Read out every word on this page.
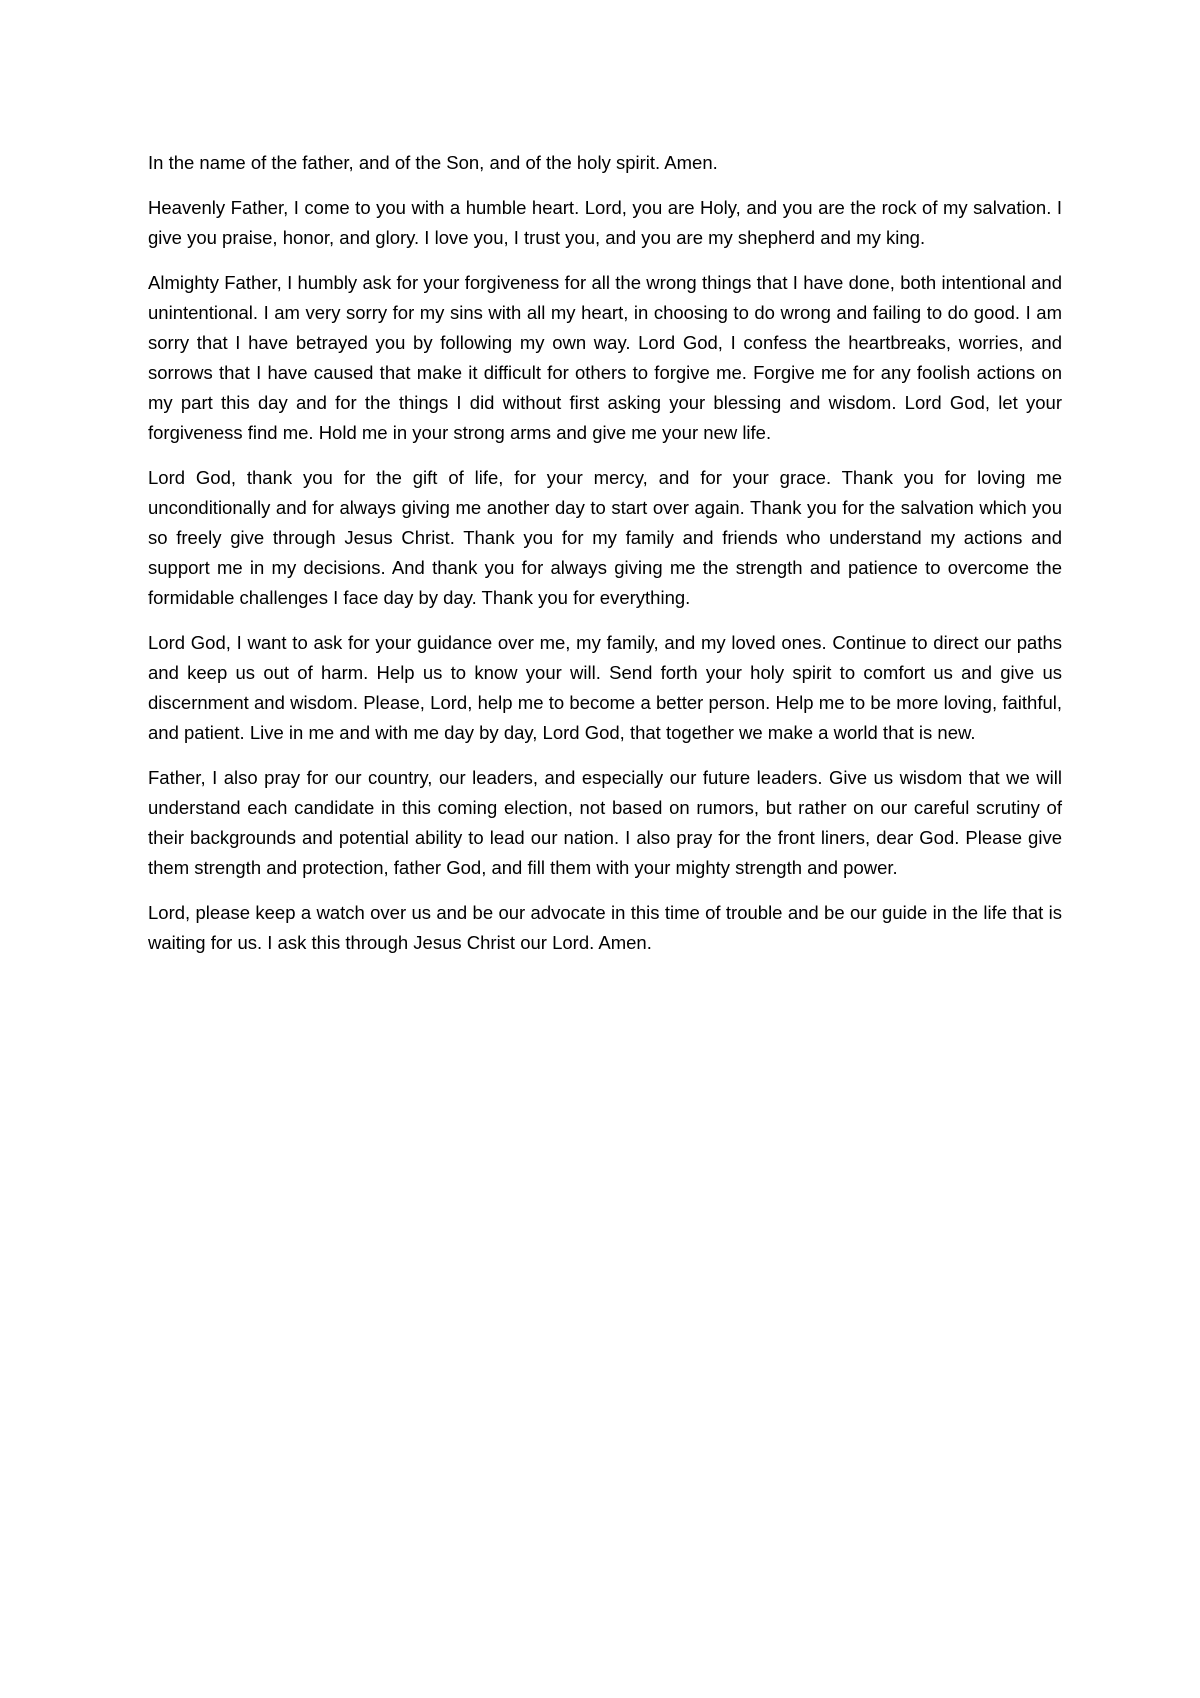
In the name of the father, and of the Son, and of the holy spirit. Amen.

Heavenly Father, I come to you with a humble heart. Lord, you are Holy, and you are the rock of my salvation. I give you praise, honor, and glory. I love you, I trust you, and you are my shepherd and my king.

Almighty Father, I humbly ask for your forgiveness for all the wrong things that I have done, both intentional and unintentional. I am very sorry for my sins with all my heart, in choosing to do wrong and failing to do good. I am sorry that I have betrayed you by following my own way. Lord God, I confess the heartbreaks, worries, and sorrows that I have caused that make it difficult for others to forgive me. Forgive me for any foolish actions on my part this day and for the things I did without first asking your blessing and wisdom. Lord God, let your forgiveness find me. Hold me in your strong arms and give me your new life.

Lord God, thank you for the gift of life, for your mercy, and for your grace. Thank you for loving me unconditionally and for always giving me another day to start over again. Thank you for the salvation which you so freely give through Jesus Christ. Thank you for my family and friends who understand my actions and support me in my decisions. And thank you for always giving me the strength and patience to overcome the formidable challenges I face day by day. Thank you for everything.

Lord God, I want to ask for your guidance over me, my family, and my loved ones. Continue to direct our paths and keep us out of harm. Help us to know your will. Send forth your holy spirit to comfort us and give us discernment and wisdom. Please, Lord, help me to become a better person. Help me to be more loving, faithful, and patient. Live in me and with me day by day, Lord God, that together we make a world that is new.

Father, I also pray for our country, our leaders, and especially our future leaders. Give us wisdom that we will understand each candidate in this coming election, not based on rumors, but rather on our careful scrutiny of their backgrounds and potential ability to lead our nation. I also pray for the front liners, dear God. Please give them strength and protection, father God, and fill them with your mighty strength and power.

Lord, please keep a watch over us and be our advocate in this time of trouble and be our guide in the life that is waiting for us. I ask this through Jesus Christ our Lord. Amen.
